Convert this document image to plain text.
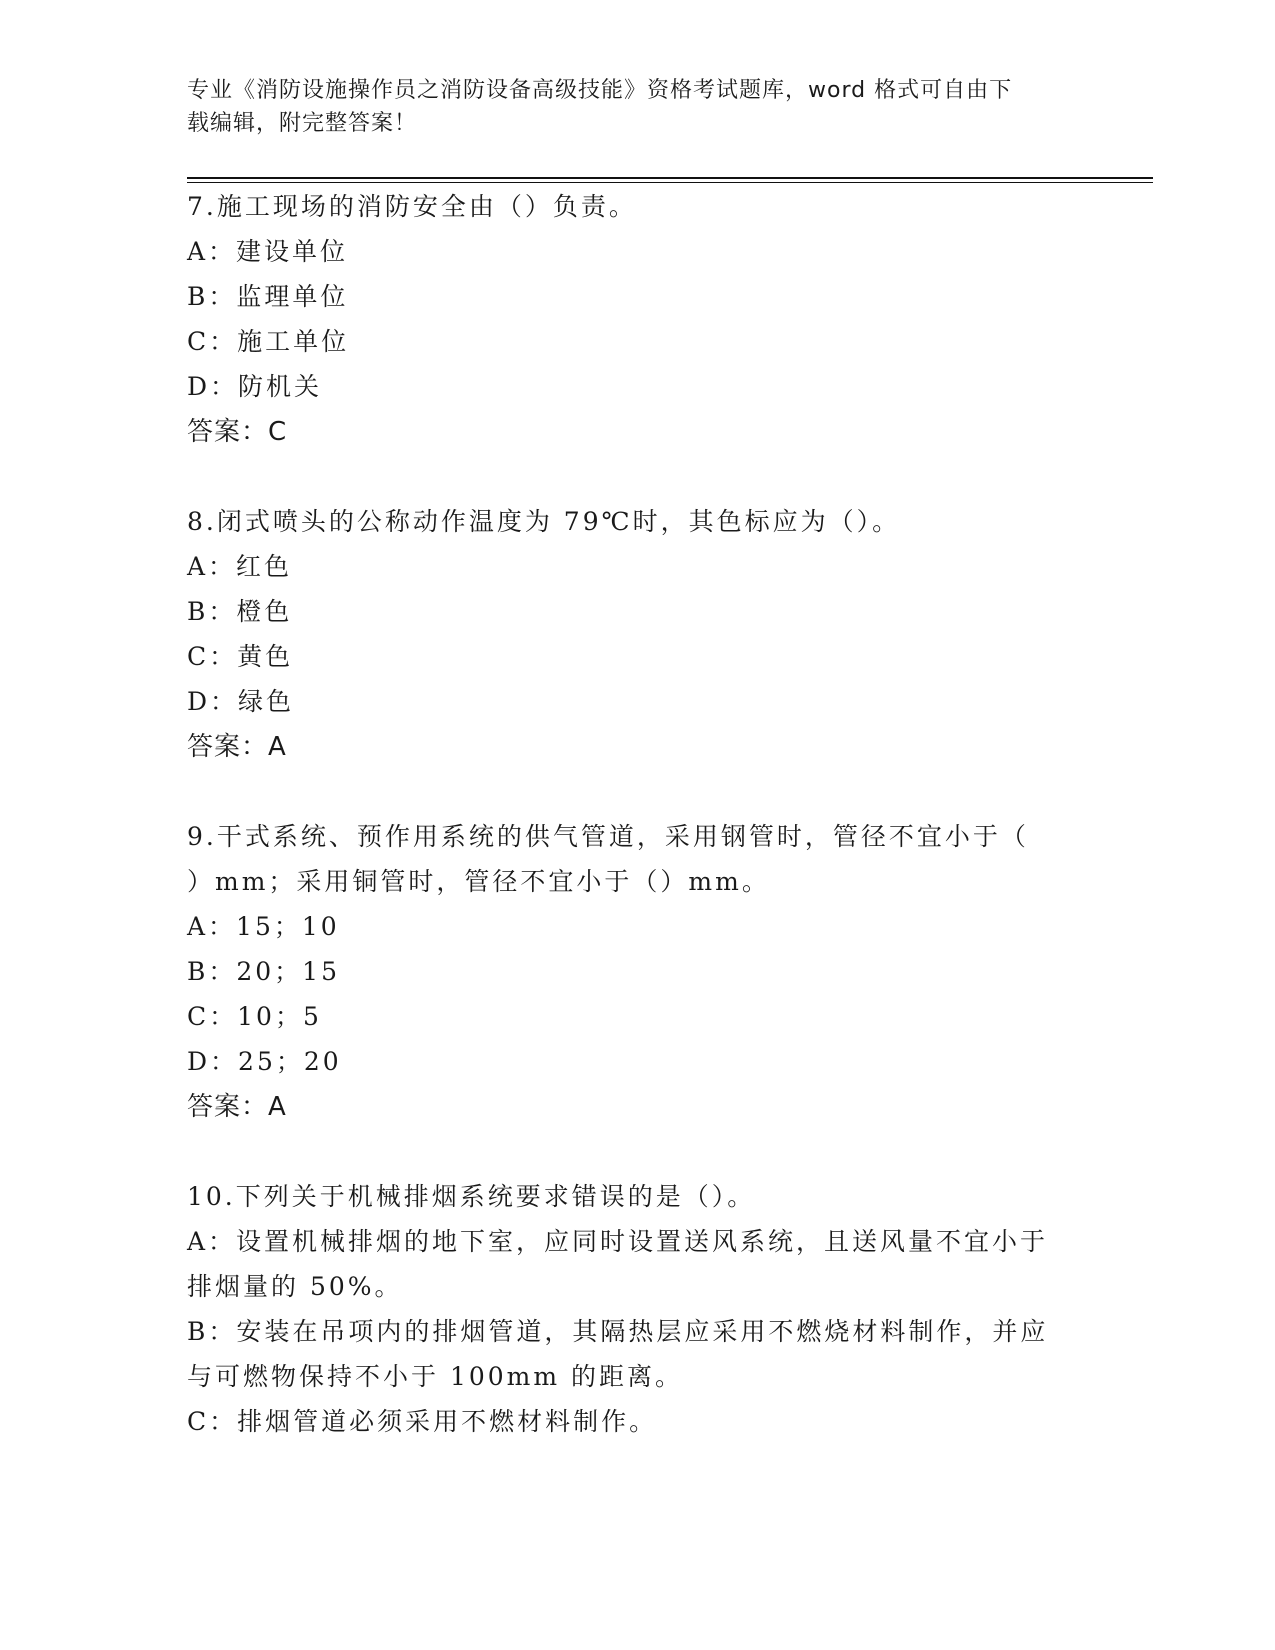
专业《消防设施操作员之消防设备高级技能》资格考试题库，word 格式可自由下
载编辑，附完整答案！
7.施工现场的消防安全由（）负责。
A：建设单位
B：监理单位
C：施工单位
D：防机关
答案：C
8.闭式喷头的公称动作温度为 79℃时，其色标应为（）。
A：红色
B：橙色
C：黄色
D：绿色
答案：A
9.干式系统、预作用系统的供气管道，采用钢管时，管径不宜小于（
）mm；采用铜管时，管径不宜小于（）mm。
A：15；10
B：20；15
C：10；5
D：25；20
答案：A
10.下列关于机械排烟系统要求错误的是（）。
A：设置机械排烟的地下室，应同时设置送风系统，且送风量不宜小于
排烟量的 50%。
B：安装在吊项内的排烟管道，其隔热层应采用不燃烧材料制作，并应
与可燃物保持不小于 100mm 的距离。
C：排烟管道必须采用不燃材料制作。
